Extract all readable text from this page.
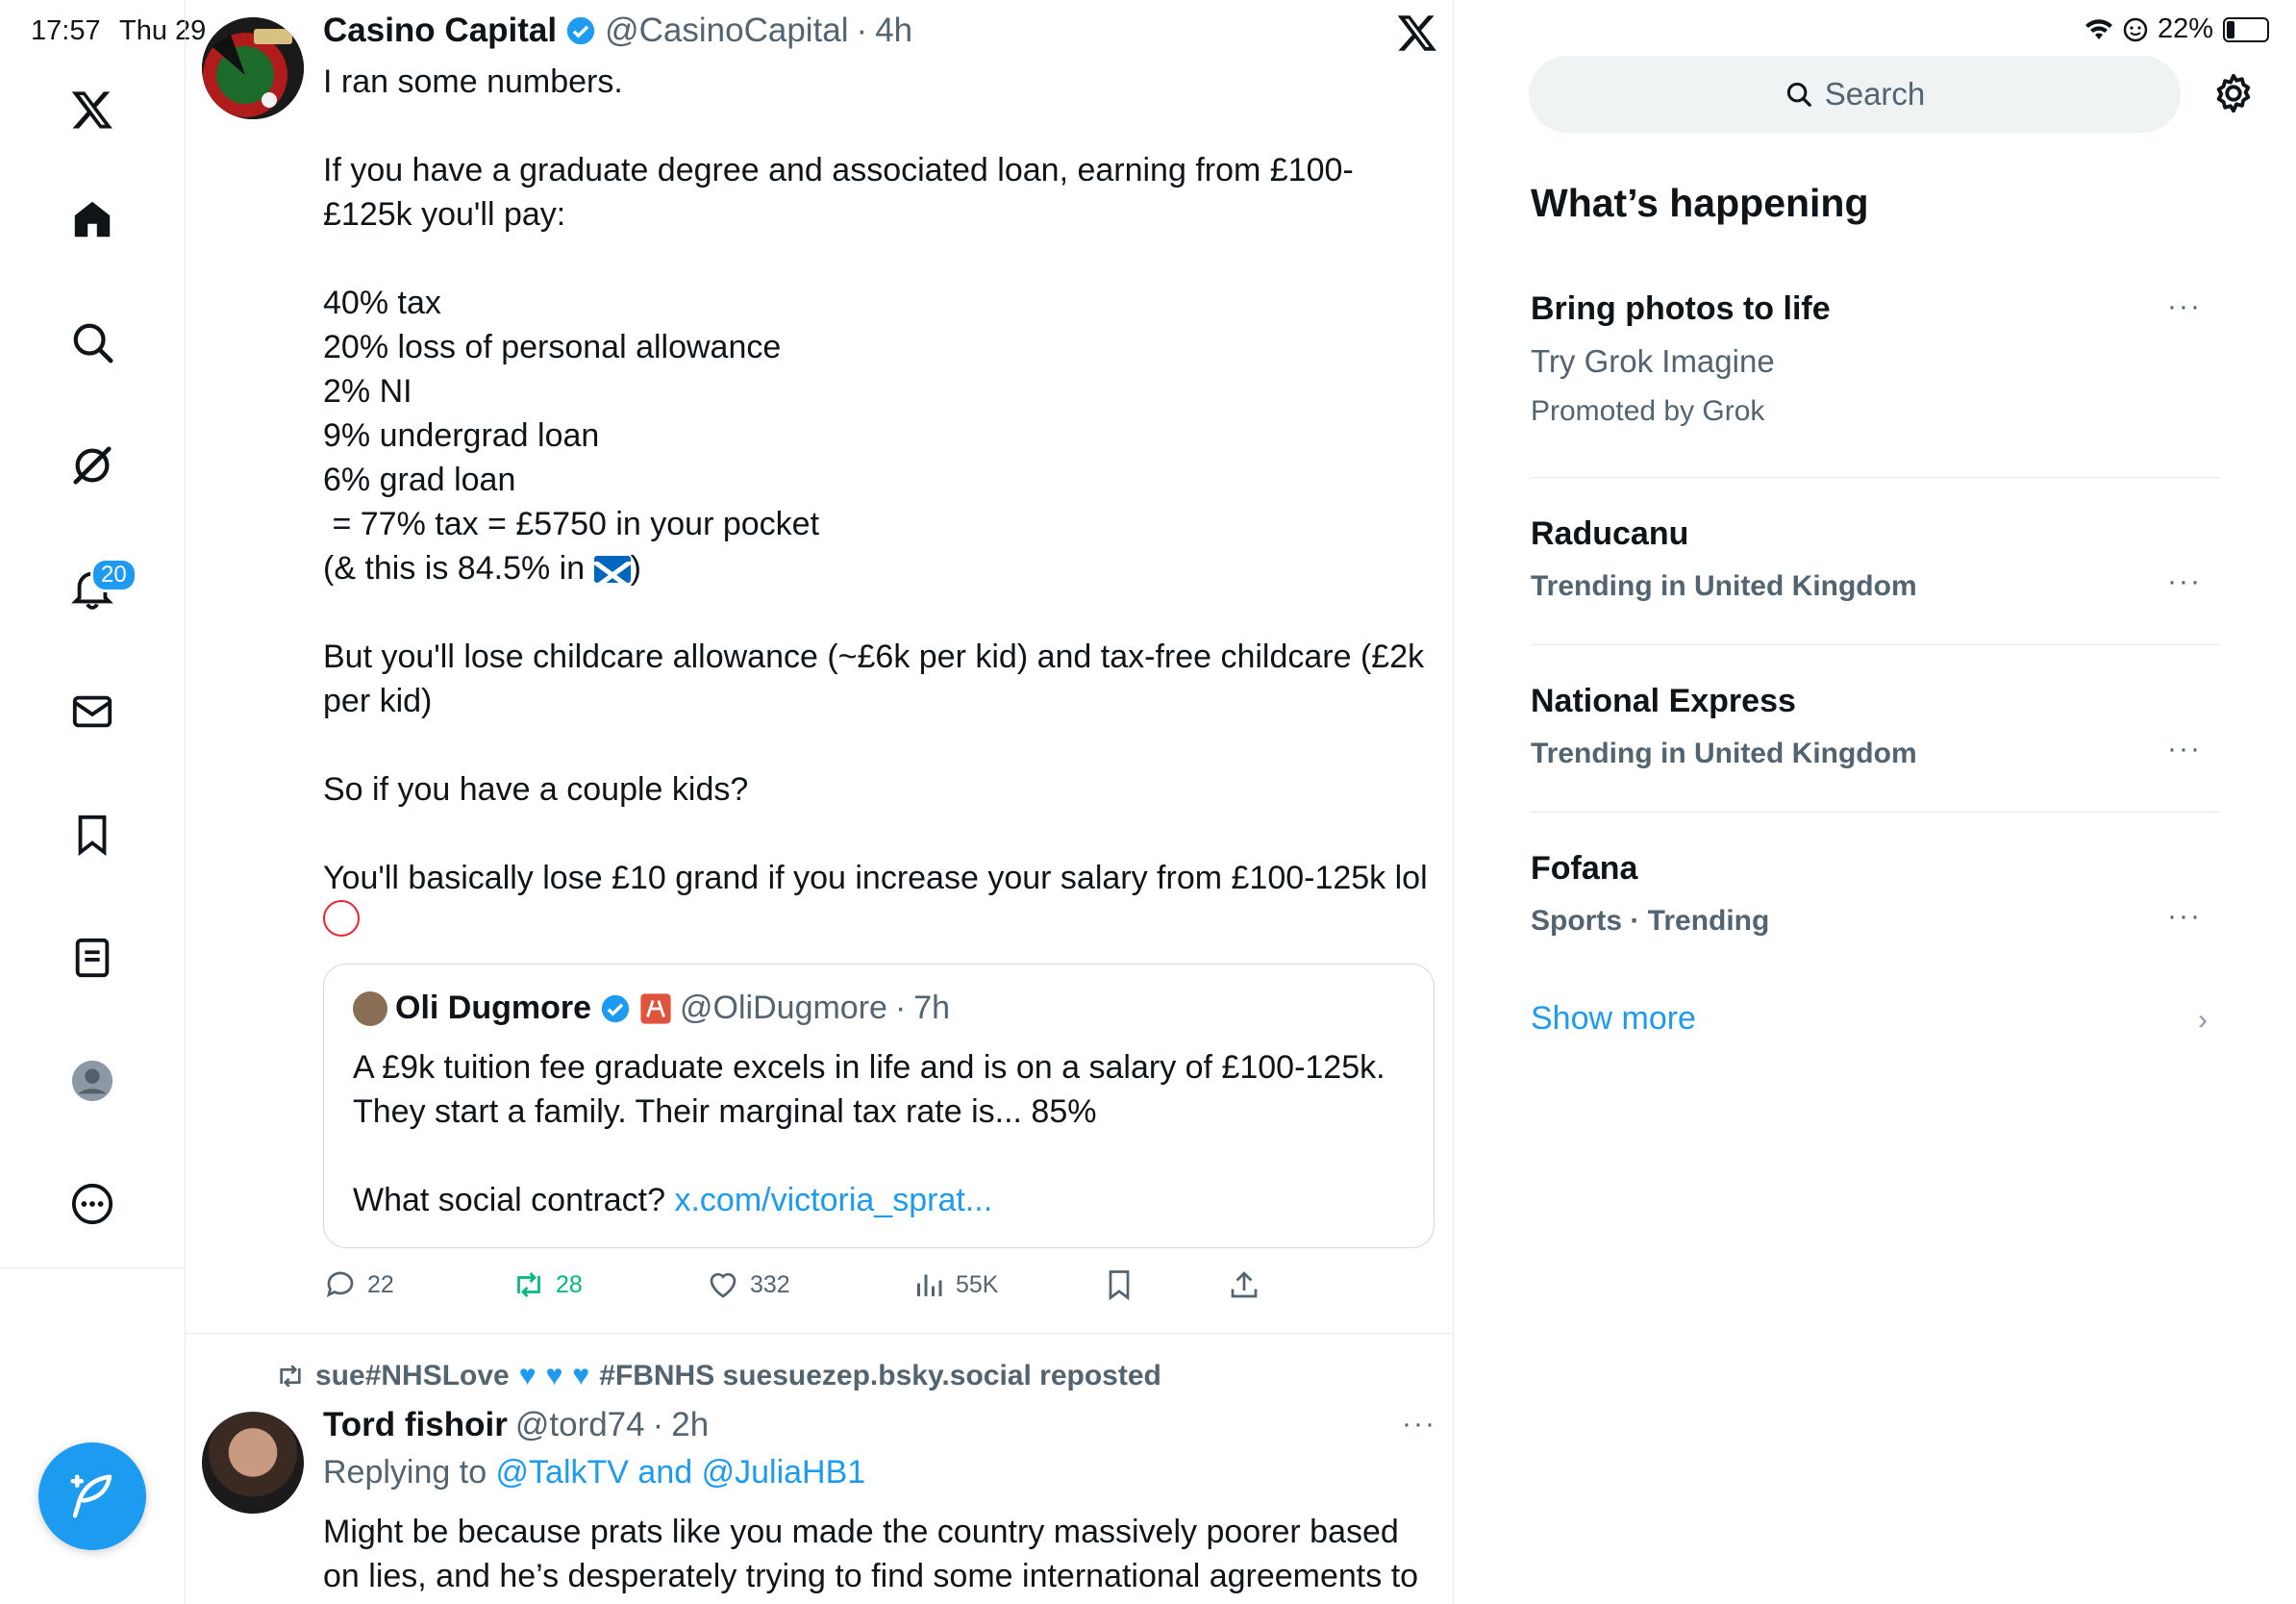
17:57 Thu 29	22%
20
Casino Capital @CasinoCapital · 4h
I ran some numbers.

If you have a graduate degree and associated loan, earning from £100-£125k you'll pay:

40% tax
20% loss of personal allowance
2% NI
9% undergrad loan
6% grad loan
= 77% tax = £5750 in your pocket
(& this is 84.5% in )

But you'll lose childcare allowance (~£6k per kid) and tax-free childcare (£2k per kid)

So if you have a couple kids?

You'll basically lose £10 grand if you increase your salary from £100-125k lol

Oli Dugmore	@OliDugmore · 7h
A £9k tuition fee graduate excels in life and is on a salary of £100-125k. They start a family. Their marginal tax rate is... 85%

What social contract? x.com/victoria_sprat...
22	28	332	55K
sue#NHSLove ♥ ♥ ♥ #FBNHS suesuezep.bsky.social reposted
Tord fishoir @tord74 · 2h	···
Replying to @TalkTV and @JuliaHB1
Might be because prats like you made the country massively poorer based on lies, and he’s desperately trying to find some international agreements to
Search
What’s happening
Bring photos to life
Try Grok Imagine
Promoted by Grok
···
Raducanu
Trending in United Kingdom	···
National Express
Trending in United Kingdom	···
Fofana
Sports · Trending	···
Show more	›
